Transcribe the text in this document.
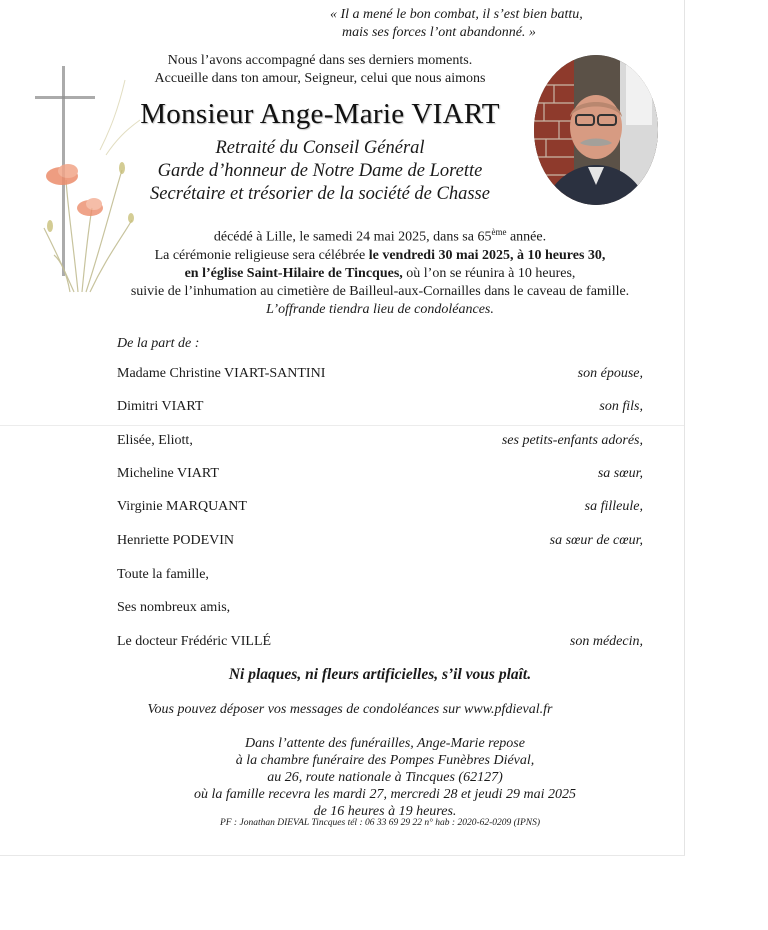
« Il a mené le bon combat, il s’est bien battu,
mais ses forces l’ont abandonné. »
Nous l’avons accompagné dans ses derniers moments.
Accueille dans ton amour, Seigneur, celui que nous aimons
Monsieur Ange-Marie VIART
Retraité du Conseil Général
Garde d’honneur de Notre Dame de Lorette
Secrétaire et trésorier de la société de Chasse
décédé à Lille, le samedi 24 mai 2025, dans sa 65ème année.
La cérémonie religieuse sera célébrée le vendredi 30 mai 2025, à 10 heures 30,
en l’église Saint-Hilaire de Tincques, où l’on se réunira à 10 heures,
suivie de l’inhumation au cimetière de Bailleul-aux-Cornailles dans le caveau de famille.
L’offrande tiendra lieu de condoléances.
De la part de :
Madame Christine VIART-SANTINI	son épouse,
Dimitri VIART	son fils,
Elisée, Eliott,	ses petits-enfants adorés,
Micheline VIART	sa sœur,
Virginie MARQUANT	sa filleule,
Henriette PODEVIN	sa sœur de cœur,
Toute la famille,
Ses nombreux amis,
Le docteur Frédéric VILLÉ	son médecin,
Ni plaques, ni fleurs artificielles, s’il vous plaît.
Vous pouvez déposer vos messages de condoléances sur www.pfdieval.fr
Dans l’attente des funérailles, Ange-Marie repose
à la chambre funéraire des Pompes Funèbres Diéval,
au 26, route nationale à Tincques (62127)
où la famille recevra les mardi 27, mercredi 28 et jeudi 29 mai 2025
de 16 heures à 19 heures.
PF : Jonathan DIEVAL Tincques tél : 06 33 69 29 22 n° hab : 2020-62-0209 (IPNS)
